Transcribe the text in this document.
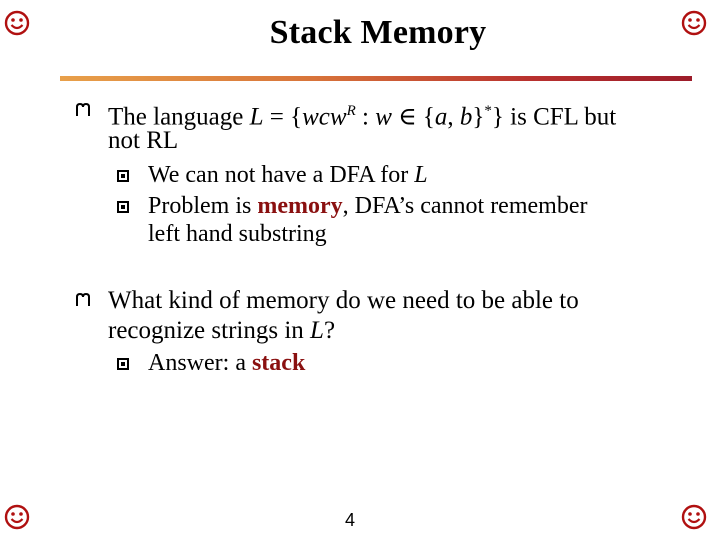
Stack Memory
The language L = {wcw$^R$ : w ∈ {a, b}*} is CFL but
not RL
We can not have a DFA for L
Problem is memory, DFA’s cannot remember
left hand substring
What kind of memory do we need to be able to
recognize strings in L?
Answer: a stack
4
